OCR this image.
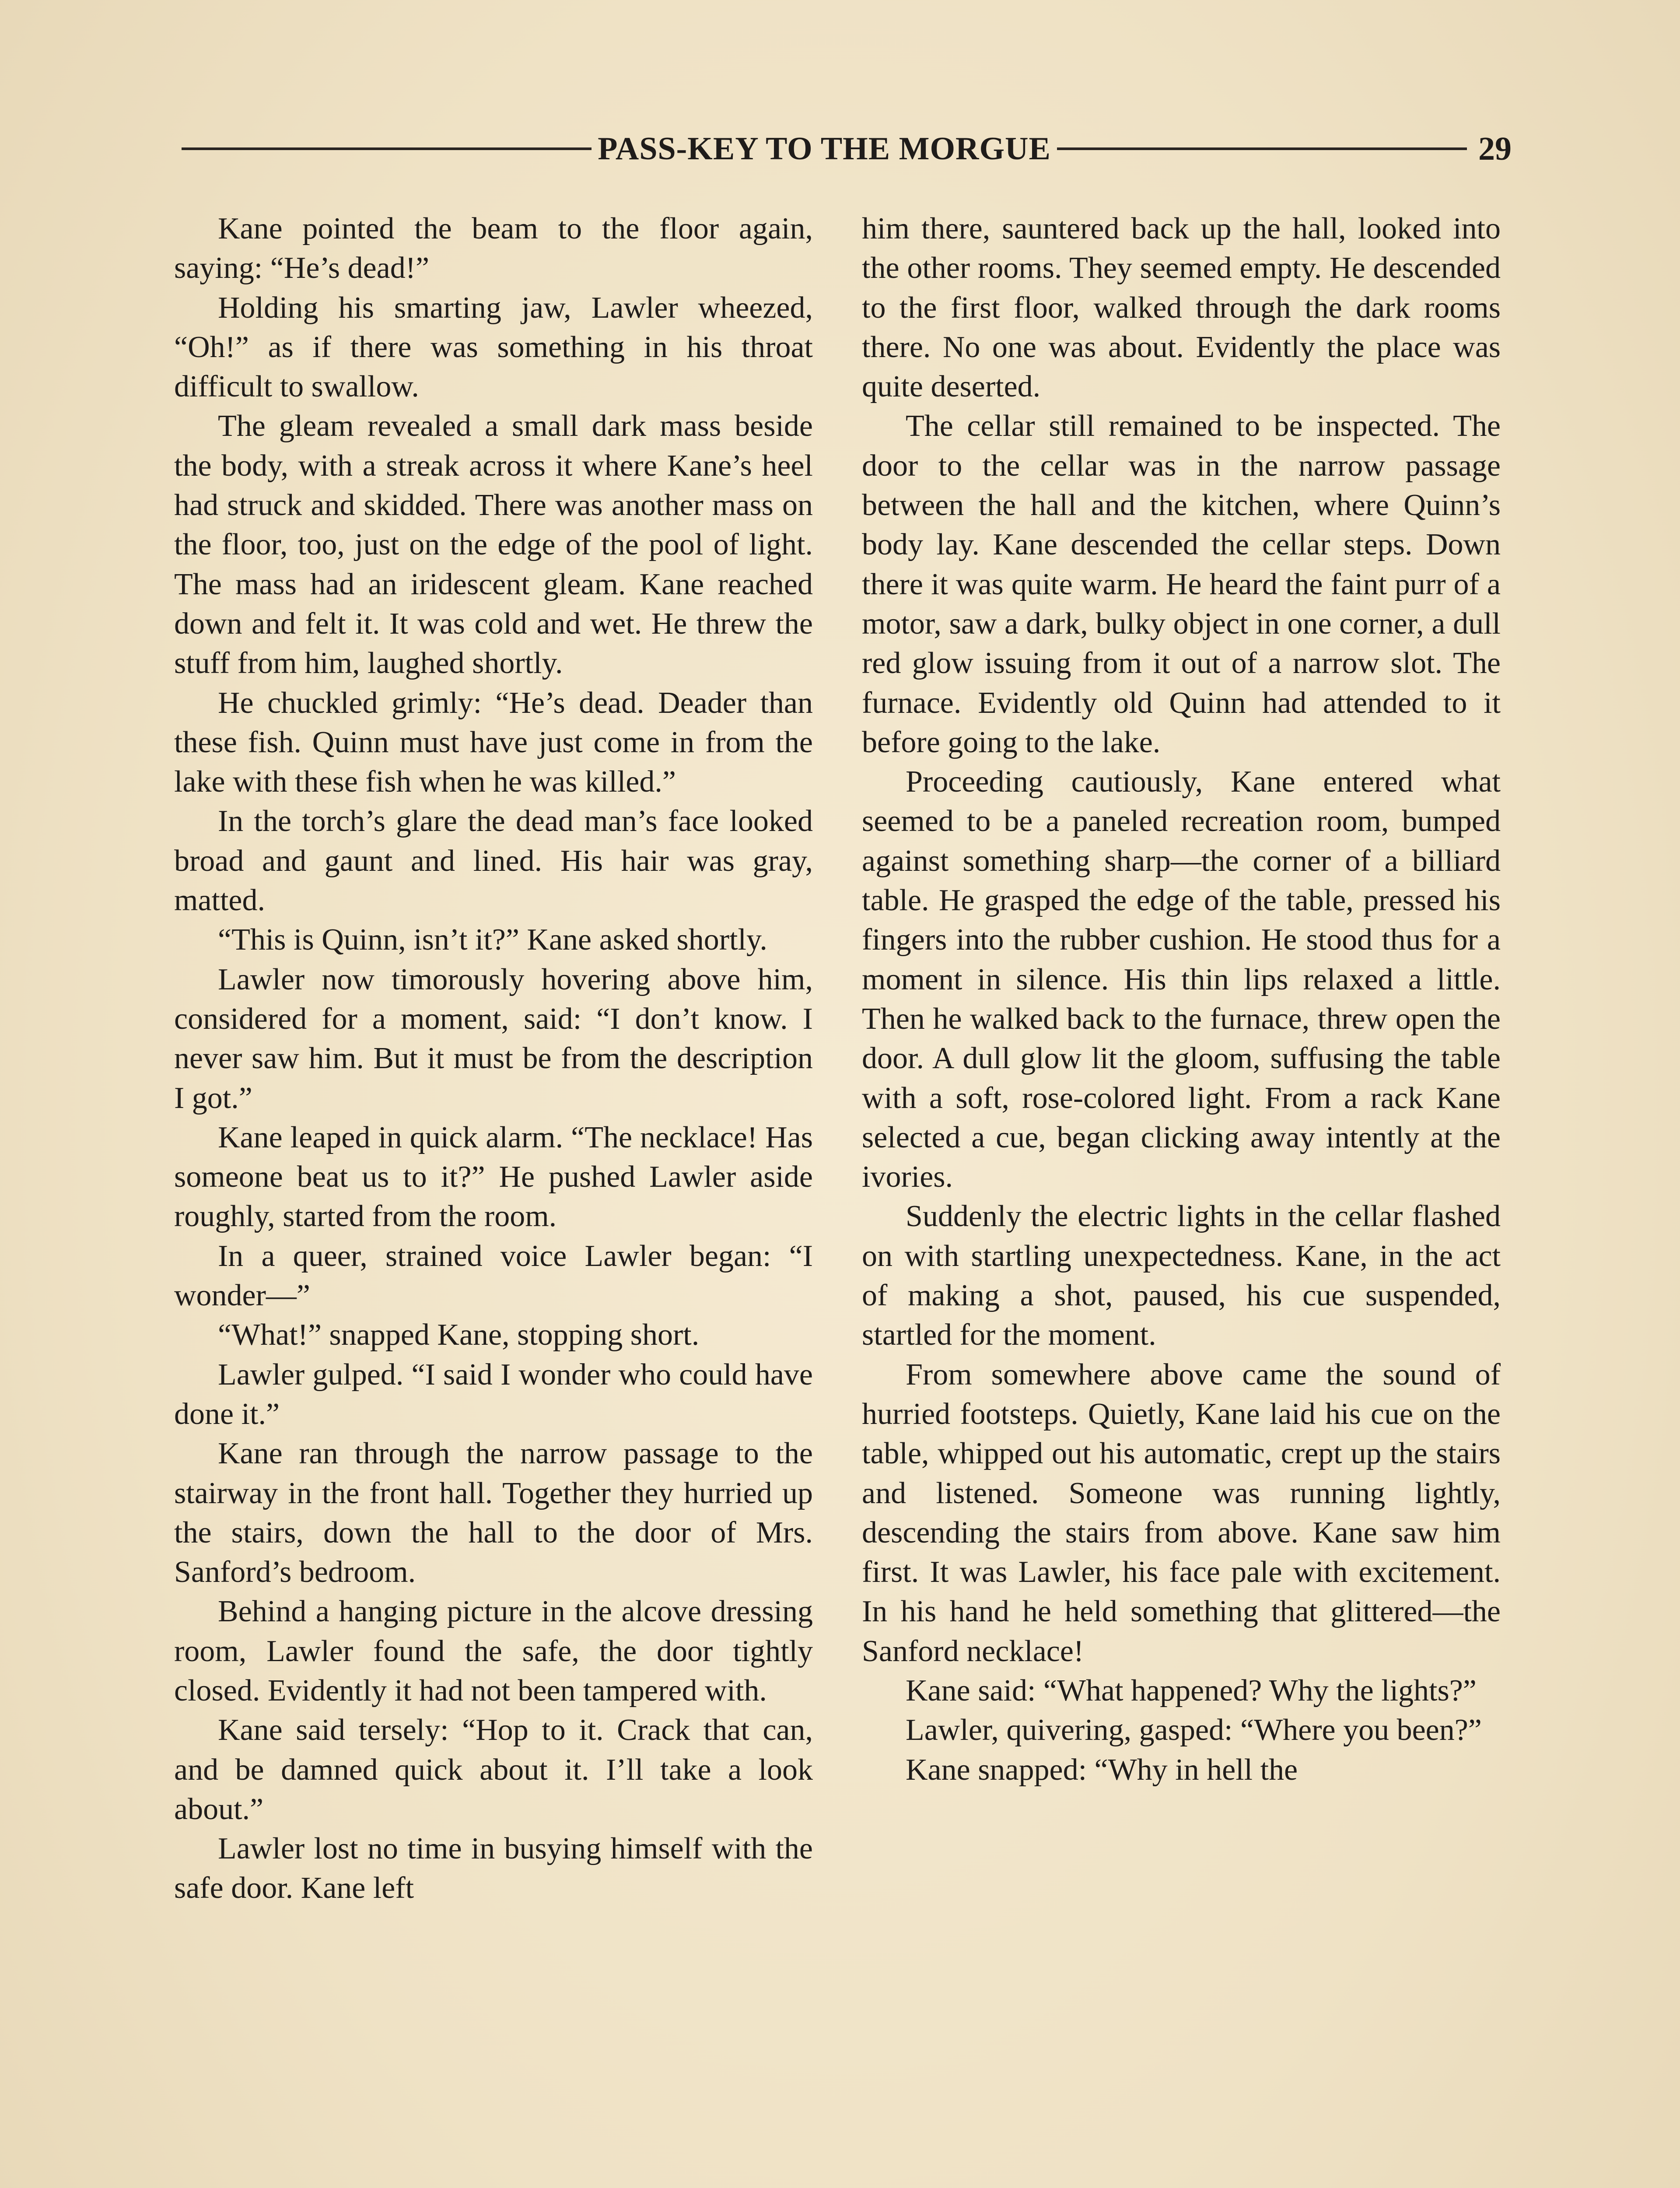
PASS-KEY TO THE MORGUE	29

Kane pointed the beam to the floor again, saying: “He’s dead!”

Holding his smarting jaw, Lawler wheezed, “Oh!” as if there was something in his throat difficult to swallow.

The gleam revealed a small dark mass beside the body, with a streak across it where Kane’s heel had struck and skidded. There was another mass on the floor, too, just on the edge of the pool of light. The mass had an iridescent gleam. Kane reached down and felt it. It was cold and wet. He threw the stuff from him, laughed shortly.

He chuckled grimly: “He’s dead. Deader than these fish. Quinn must have just come in from the lake with these fish when he was killed.”

In the torch’s glare the dead man’s face looked broad and gaunt and lined. His hair was gray, matted.

“This is Quinn, isn’t it?” Kane asked shortly.

Lawler now timorously hovering above him, considered for a moment, said: “I don’t know. I never saw him. But it must be from the description I got.”

Kane leaped in quick alarm. “The necklace! Has someone beat us to it?” He pushed Lawler aside roughly, started from the room.

In a queer, strained voice Lawler began: “I wonder—”

“What!” snapped Kane, stopping short.

Lawler gulped. “I said I wonder who could have done it.”

Kane ran through the narrow passage to the stairway in the front hall. Together they hurried up the stairs, down the hall to the door of Mrs. Sanford’s bedroom.

Behind a hanging picture in the alcove dressing room, Lawler found the safe, the door tightly closed. Evidently it had not been tampered with.

Kane said tersely: “Hop to it. Crack that can, and be damned quick about it. I’ll take a look about.”

Lawler lost no time in busying himself with the safe door. Kane left

him there, sauntered back up the hall, looked into the other rooms. They seemed empty. He descended to the first floor, walked through the dark rooms there. No one was about. Evidently the place was quite deserted.

The cellar still remained to be inspected. The door to the cellar was in the narrow passage between the hall and the kitchen, where Quinn’s body lay. Kane descended the cellar steps. Down there it was quite warm. He heard the faint purr of a motor, saw a dark, bulky object in one corner, a dull red glow issuing from it out of a narrow slot. The furnace. Evidently old Quinn had attended to it before going to the lake.

Proceeding cautiously, Kane entered what seemed to be a paneled recreation room, bumped against something sharp—the corner of a billiard table. He grasped the edge of the table, pressed his fingers into the rubber cushion. He stood thus for a moment in silence. His thin lips relaxed a little. Then he walked back to the furnace, threw open the door. A dull glow lit the gloom, suffusing the table with a soft, rose-colored light. From a rack Kane selected a cue, began clicking away intently at the ivories.

Suddenly the electric lights in the cellar flashed on with startling unexpectedness. Kane, in the act of making a shot, paused, his cue suspended, startled for the moment.

From somewhere above came the sound of hurried footsteps. Quietly, Kane laid his cue on the table, whipped out his automatic, crept up the stairs and listened. Someone was running lightly, descending the stairs from above. Kane saw him first. It was Lawler, his face pale with excitement. In his hand he held something that glittered—the Sanford necklace!

Kane said: “What happened? Why the lights?”

Lawler, quivering, gasped: “Where you been?”

Kane snapped: “Why in hell the
